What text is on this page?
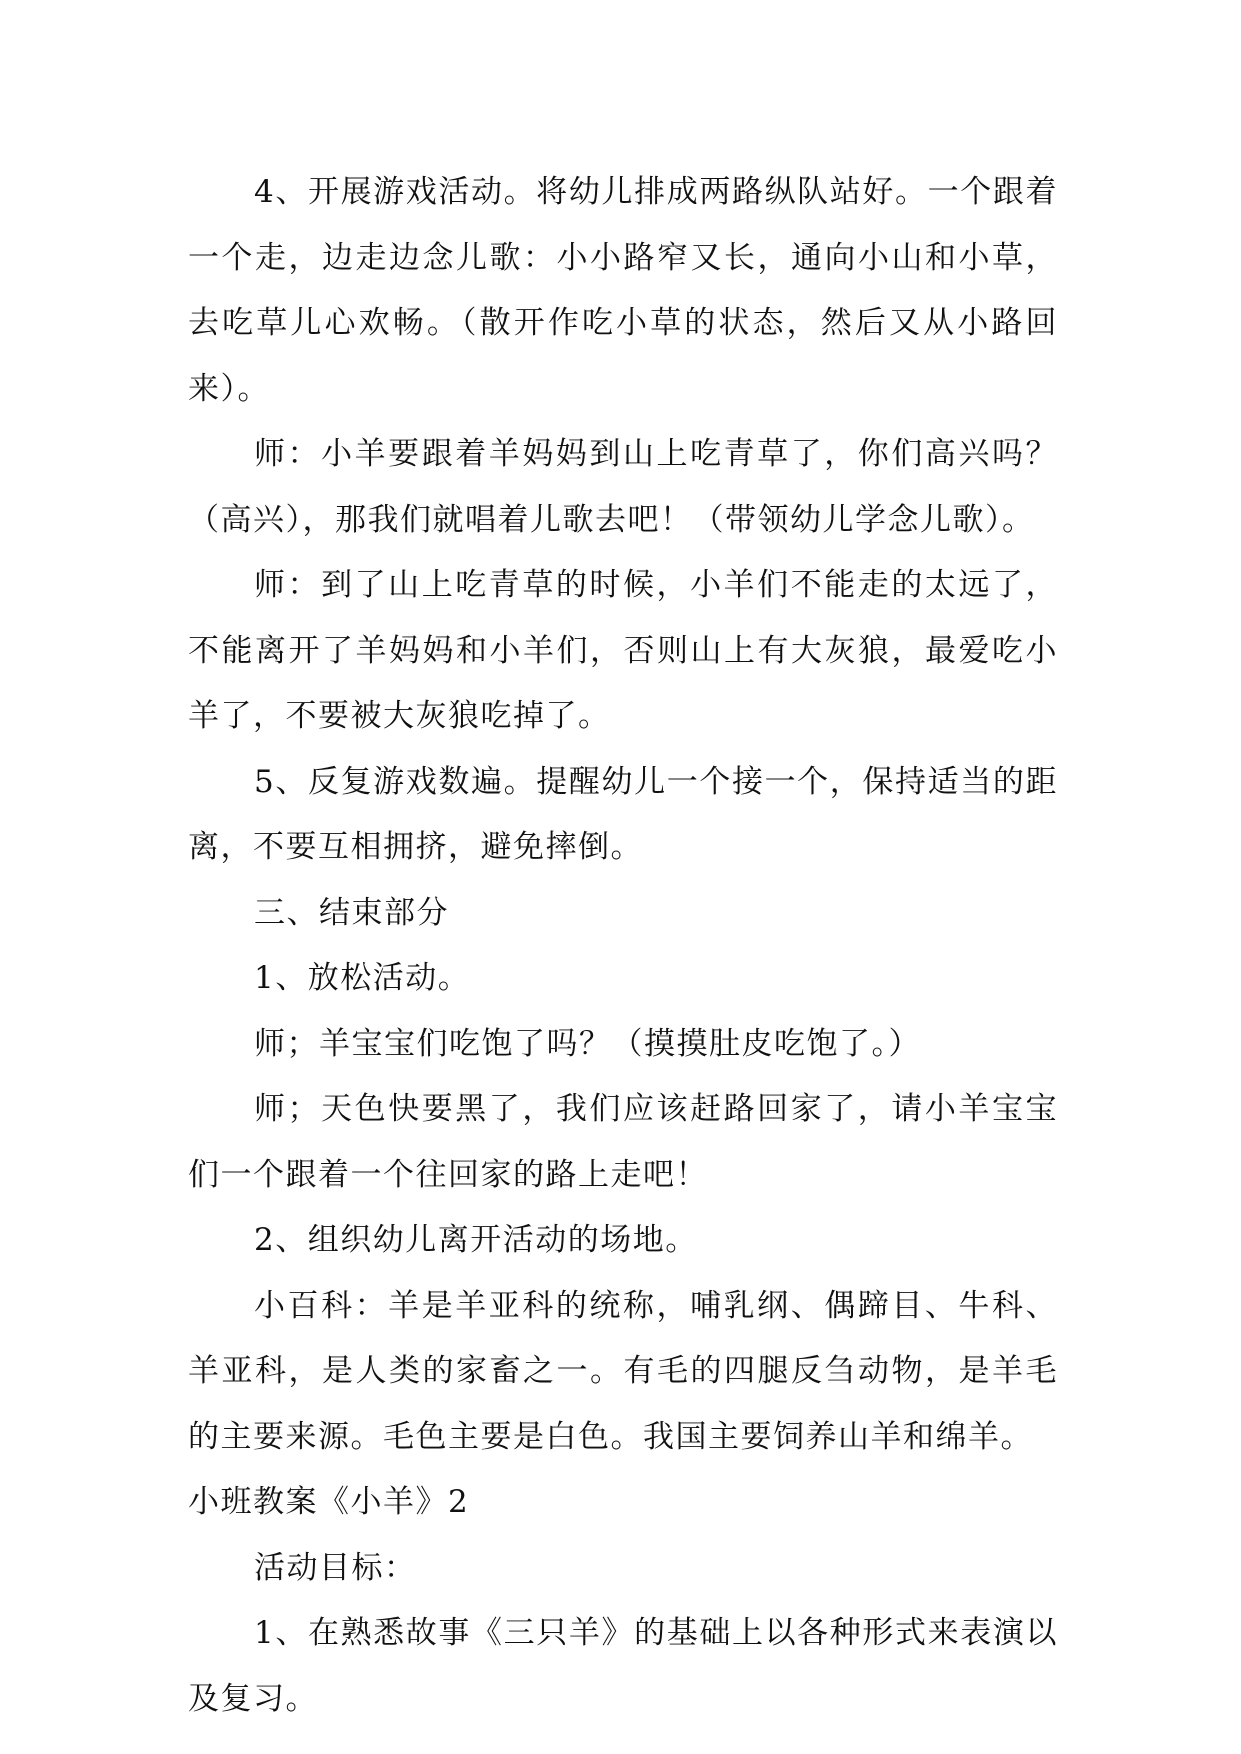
4、开展游戏活动。将幼儿排成两路纵队站好。一个跟着一个走，边走边念儿歌：小小路窄又长，通向小山和小草，去吃草儿心欢畅。（散开作吃小草的状态，然后又从小路回来）。

师：小羊要跟着羊妈妈到山上吃青草了，你们高兴吗？（高兴），那我们就唱着儿歌去吧！（带领幼儿学念儿歌）。

师：到了山上吃青草的时候，小羊们不能走的太远了，不能离开了羊妈妈和小羊们，否则山上有大灰狼，最爱吃小羊了，不要被大灰狼吃掉了。

5、反复游戏数遍。提醒幼儿一个接一个，保持适当的距离，不要互相拥挤，避免摔倒。

三、结束部分

1、放松活动。

师；羊宝宝们吃饱了吗？（摸摸肚皮吃饱了。）

师；天色快要黑了，我们应该赶路回家了，请小羊宝宝们一个跟着一个往回家的路上走吧！

2、组织幼儿离开活动的场地。

小百科：羊是羊亚科的统称，哺乳纲、偶蹄目、牛科、羊亚科，是人类的家畜之一。有毛的四腿反刍动物，是羊毛的主要来源。毛色主要是白色。我国主要饲养山羊和绵羊。

小班教案《小羊》2

活动目标：

1、在熟悉故事《三只羊》的基础上以各种形式来表演以及复习。
